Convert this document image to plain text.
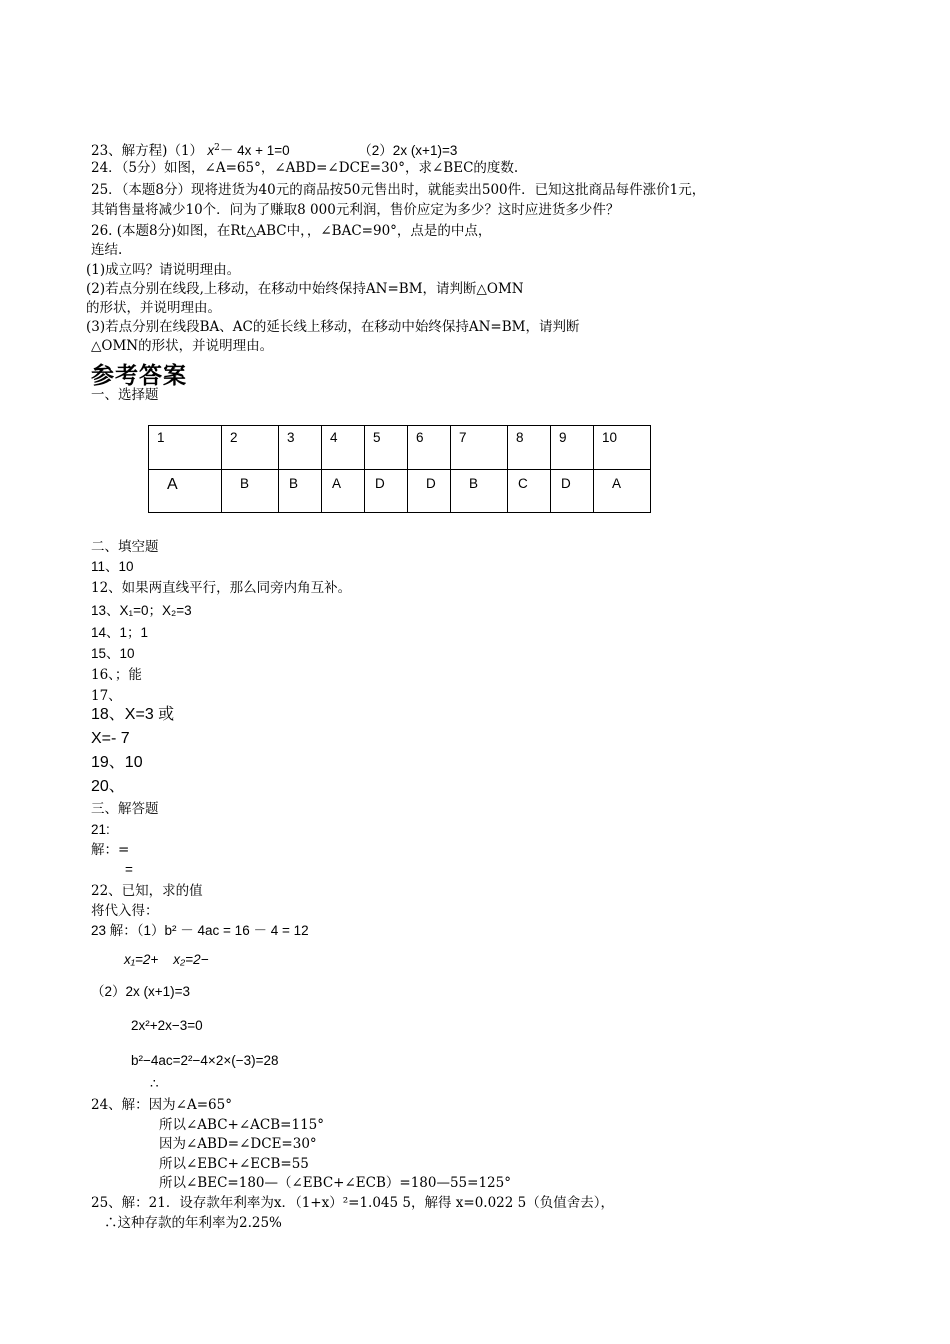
23、解方程)（1） $x^2- 4x + 1=0$	（2）2x (x+1)=3
24．（5分）如图，∠A=65°，∠ABD=∠DCE=30°，求∠BEC的度数.
25．（本题8分）现将进货为40元的商品按50元售出时，就能卖出500件．已知这批商品每件涨价1元，
其销售量将减少10个．问为了赚取8 000元利润，售价应定为多少？这时应进货多少件？
26. (本题8分)如图，在Rt△ABC中，，∠BAC=90°，点是的中点，
连结.
(1)成立吗？请说明理由。
(2)若点分别在线段,上移动，在移动中始终保持AN=BM，请判断△OMN
的形状，并说明理由。
(3)若点分别在线段BA、AC的延长线上移动，在移动中始终保持AN=BM，请判断
△OMN的形状，并说明理由。
参考答案
一、选择题
1	2	3	4	5	6	7	8	9	10

A	B	B	A	D	D	B	C	D	A
二、填空题
11、10
12、如果两直线平行，那么同旁内角互补。
13、X₁=0；X₂=3
14、1；1
15、10
16、；能
17、
18、X=3 或
X=- 7
19、10
20、
三、解答题
21:
解：=
=
22、已知，求的值
将代入得：
23 解：（1）b² － 4ac = 16 － 4 = 12
x₁=2+    x₂=2−
（2）2x (x+1)=3
2x²+2x−3=0
b²−4ac=2²−4×2×(−3)=28
∴
24、解：因为∠A=65°
所以∠ABC+∠ACB=115°
因为∠ABD=∠DCE=30°
所以∠EBC+∠ECB=55
所以∠BEC=180—（∠EBC+∠ECB）=180—55=125°
25、解：21．设存款年利率为x．（1+x）²=1.045 5，解得 x=0.022 5（负值舍去），
∴这种存款的年利率为2.25%
